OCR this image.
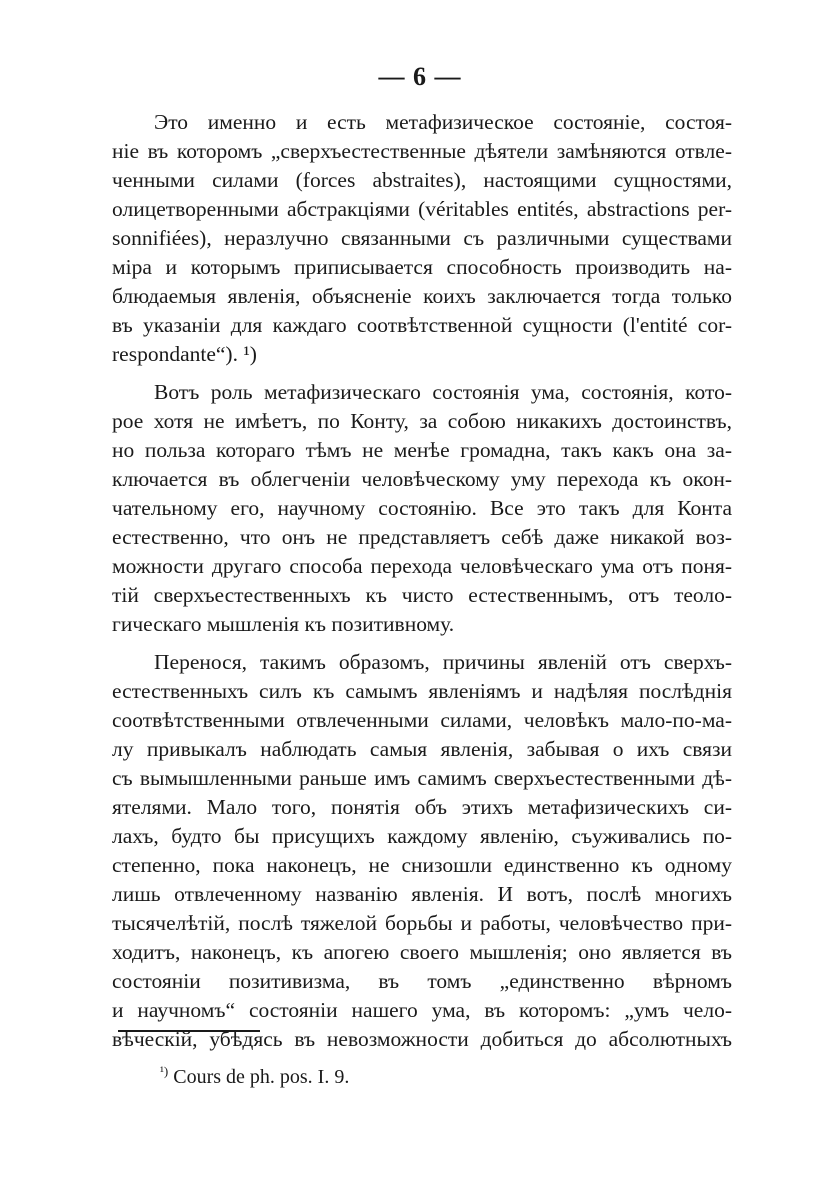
— 6 —
Это именно и есть метафизическое состоянie, состоя-
нiе въ которомъ „сверхъестественные дѣятели замѣняются отвле-
ченными силами (forces abstraites), настоящими сущностями,
олицетворенными абстракцiями (véritables entités, abstractions per-
sonnifiées), неразлучно связанными съ различными существами
мiра и которымъ приписывается способность производить на-
блюдаемыя явленiя, объясненiе коихъ заключается тогда только
въ указанiи для каждаго соотвѣтственной сущности (l'entité cor-
respondante“). ¹)
Вотъ роль метафизическаго состоянiя ума, состоянiя, кото-
рое хотя не имѣетъ, по Конту, за собою никакихъ достоинствъ,
но польза котораго тѣмъ не менѣе громадна, такъ какъ она за-
ключается въ облегченiи человѣческому уму перехода къ окон-
чательному его, научному состоянiю. Все это такъ для Конта
естественно, что онъ не представляетъ себѣ даже никакой воз-
можности другаго способа перехода человѣческаго ума отъ поня-
тiй сверхъестественныхъ къ чисто естественнымъ, отъ теоло-
гическаго мышленiя къ позитивному.
Перенося, такимъ образомъ, причины явленiй отъ сверхъ-
естественныхъ силъ къ самымъ явленiямъ и надѣляя послѣднiя
соотвѣтственными отвлеченными силами, человѣкъ мало-по-ма-
лу привыкалъ наблюдать самыя явленiя, забывая о ихъ связи
съ вымышленными раньше имъ самимъ сверхъестественными дѣ-
ятелями. Мало того, понятiя объ этихъ метафизическихъ си-
лахъ, будто бы присущихъ каждому явленiю, съуживались по-
степенно, пока наконецъ, не снизошли единственно къ одному
лишь отвлеченному названiю явленiя. И вотъ, послѣ многихъ
тысячелѣтiй, послѣ тяжелой борьбы и работы, человѣчество при-
ходитъ, наконецъ, къ апогею своего мышленiя; оно является въ
состоянiи позитивизма, въ томъ „единственно вѣрномъ
и научномъ“ состоянiи нашего ума, въ которомъ: „умъ чело-
вѣческiй, убѣдясь въ невозможности добиться до абсолютныхъ
$^{^1)}$ Cours de ph. pos. I. 9.
